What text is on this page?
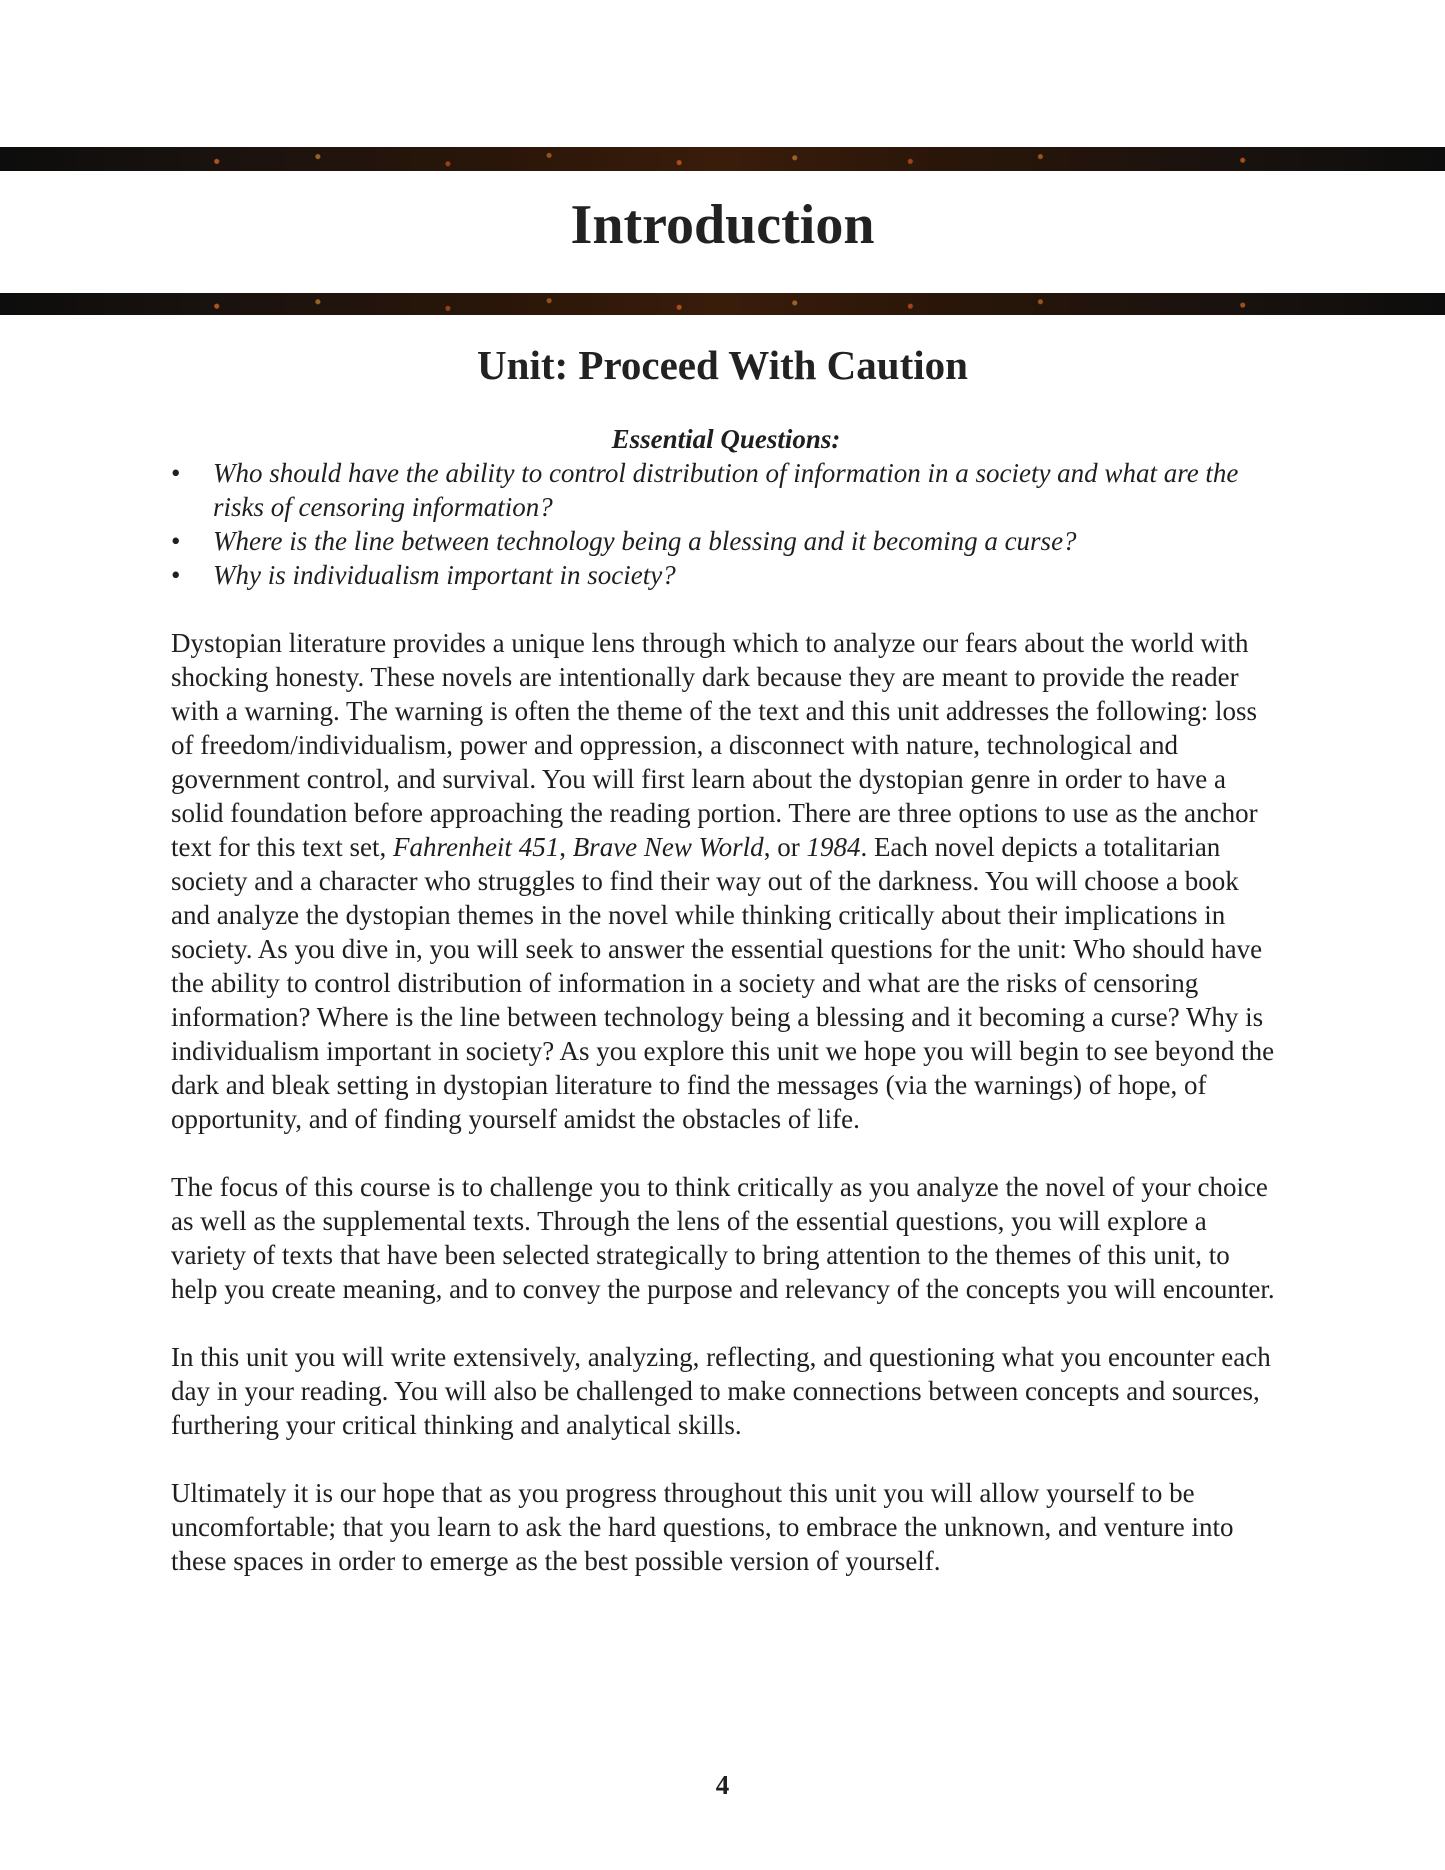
Introduction
Unit: Proceed With Caution

Essential Questions:

• Who should have the ability to control distribution of information in a society and what are the risks of censoring information?
• Where is the line between technology being a blessing and it becoming a curse?
• Why is individualism important in society?

Dystopian literature provides a unique lens through which to analyze our fears about the world with shocking honesty. These novels are intentionally dark because they are meant to provide the reader with a warning. The warning is often the theme of the text and this unit addresses the following: loss of freedom/individualism, power and oppression, a disconnect with nature, technological and government control, and survival. You will first learn about the dystopian genre in order to have a solid foundation before approaching the reading portion. There are three options to use as the anchor text for this text set, Fahrenheit 451, Brave New World, or 1984. Each novel depicts a totalitarian society and a character who struggles to find their way out of the darkness. You will choose a book and analyze the dystopian themes in the novel while thinking critically about their implications in society. As you dive in, you will seek to answer the essential questions for the unit: Who should have the ability to control distribution of information in a society and what are the risks of censoring information? Where is the line between technology being a blessing and it becoming a curse? Why is individualism important in society? As you explore this unit we hope you will begin to see beyond the dark and bleak setting in dystopian literature to find the messages (via the warnings) of hope, of opportunity, and of finding yourself amidst the obstacles of life.

The focus of this course is to challenge you to think critically as you analyze the novel of your choice as well as the supplemental texts. Through the lens of the essential questions, you will explore a variety of texts that have been selected strategically to bring attention to the themes of this unit, to help you create meaning, and to convey the purpose and relevancy of the concepts you will encounter.

In this unit you will write extensively, analyzing, reflecting, and questioning what you encounter each day in your reading. You will also be challenged to make connections between concepts and sources, furthering your critical thinking and analytical skills.

Ultimately it is our hope that as you progress throughout this unit you will allow yourself to be uncomfortable; that you learn to ask the hard questions, to embrace the unknown, and venture into these spaces in order to emerge as the best possible version of yourself.

4
